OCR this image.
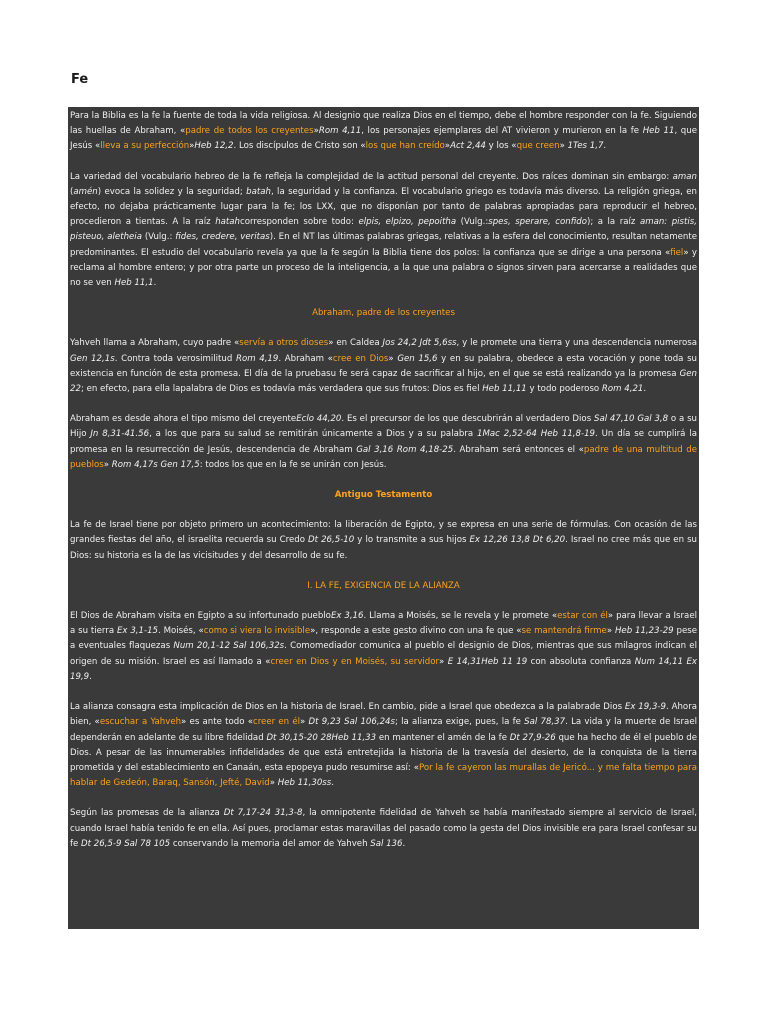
Fe
Para la Biblia es la fe la fuente de toda la vida religiosa. Al designio que realiza Dios en el tiempo, debe el hombre responder con la fe. Siguiendo las huellas de Abraham, «padre de todos los creyentes»Rom 4,11, los personajes ejemplares del AT vivieron y murieron en la fe Heb 11, que Jesús «lleva a su perfección»Heb 12,2. Los discípulos de Cristo son «los que han creído»Act 2,44 y los «que creen» 1Tes 1,7.
La variedad del vocabulario hebreo de la fe refleja la complejidad de la actitud personal del creyente. Dos raíces dominan sin embargo: aman (amén) evoca la solidez y la seguridad; batah, la seguridad y la confianza. El vocabulario griego es todavía más diverso. La religión griega, en efecto, no dejaba prácticamente lugar para la fe; los LXX, que no disponían por tanto de palabras apropiadas para reproducir el hebreo, procedieron a tientas. A la raíz hatahcorresponden sobre todo: elpis, elpizo, pepoitha (Vulg.:spes, sperare, confido); a la raíz aman: pistis, pisteuo, aletheia (Vulg.: fides, credere, veritas). En el NT las últimas palabras griegas, relativas a la esfera del conocimiento, resultan netamente predominantes. El estudio del vocabulario revela ya que la fe según la Biblia tiene dos polos: la confianza que se dirige a una persona «fiel» y reclama al hombre entero; y por otra parte un proceso de la inteligencia, a la que una palabra o signos sirven para acercarse a realidades que no se ven Heb 11,1.
Abraham, padre de los creyentes
Yahveh llama a Abraham, cuyo padre «servía a otros dioses» en Caldea Jos 24,2 Jdt 5,6ss, y le promete una tierra y una descendencia numerosa Gen 12,1s. Contra toda verosimilitud Rom 4,19. Abraham «cree en Dios» Gen 15,6 y en su palabra, obedece a esta vocación y pone toda su existencia en función de esta promesa. El día de la pruebasu fe será capaz de sacrificar al hijo, en el que se está realizando ya la promesa Gen 22; en efecto, para ella lapalabra de Dios es todavía más verdadera que sus frutos: Dios es fiel Heb 11,11 y todo poderoso Rom 4,21.
Abraham es desde ahora el tipo mismo del creyenteEclo 44,20. Es el precursor de los que descubrirán al verdadero Dios Sal 47,10 Gal 3,8 o a su Hijo Jn 8,31-41.56, a los que para su salud se remitirán únicamente a Dios y a su palabra 1Mac 2,52-64 Heb 11,8-19. Un día se cumplirá la promesa en la resurrección de Jesús, descendencia de Abraham Gal 3,16 Rom 4,18-25. Abraham será entonces el «padre de una multitud de pueblos» Rom 4,17s Gen 17,5: todos los que en la fe se unirán con Jesús.
Antiguo Testamento
La fe de Israel tiene por objeto primero un acontecimiento: la liberación de Egipto, y se expresa en una serie de fórmulas. Con ocasión de las grandes fiestas del año, el israelita recuerda su Credo Dt 26,5-10 y lo transmite a sus hijos Ex 12,26 13,8 Dt 6,20. Israel no cree más que en su Dios: su historia es la de las vicisitudes y del desarrollo de su fe.
I. LA FE, EXIGENCIA DE LA ALIANZA
El Dios de Abraham visita en Egipto a su infortunado puebloEx 3,16. Llama a Moisés, se le revela y le promete «estar con él» para llevar a Israel a su tierra Ex 3,1-15. Moisés, «como si viera lo invisible», responde a este gesto divino con una fe que «se mantendrá firme» Heb 11,23-29 pese a eventuales flaquezas Num 20,1-12 Sal 106,32s. Comomediador comunica al pueblo el designio de Dios, mientras que sus milagros indican el origen de su misión. Israel es así llamado a «creer en Dios y en Moisés, su servidor» E 14,31Heb 11 19 con absoluta confianza Num 14,11 Ex 19,9.
La alianza consagra esta implicación de Dios en la historia de Israel. En cambio, pide a Israel que obedezca a la palabrade Dios Ex 19,3-9. Ahora bien, «escuchar a Yahveh» es ante todo «creer en él» Dt 9,23 Sal 106,24s; la alianza exige, pues, la fe Sal 78,37. La vida y la muerte de Israel dependerán en adelante de su libre fidelidad Dt 30,15-20 28Heb 11,33 en mantener el amén de la fe Dt 27,9-26 que ha hecho de él el pueblo de Dios. A pesar de las innumerables infidelidades de que está entretejida la historia de la travesía del desierto, de la conquista de la tierra prometida y del establecimiento en Canaán, esta epopeya pudo resumirse así: «Por la fe cayeron las murallas de Jericó... y me falta tiempo para hablar de Gedeón, Baraq, Sansón, Jefté, David» Heb 11,30ss.
Según las promesas de la alianza Dt 7,17-24 31,3-8, la omnipotente fidelidad de Yahveh se había manifestado siempre al servicio de Israel, cuando Israel había tenido fe en ella. Así pues, proclamar estas maravillas del pasado como la gesta del Dios invisible era para Israel confesar su fe Dt 26,5-9 Sal 78 105 conservando la memoria del amor de Yahveh Sal 136.
